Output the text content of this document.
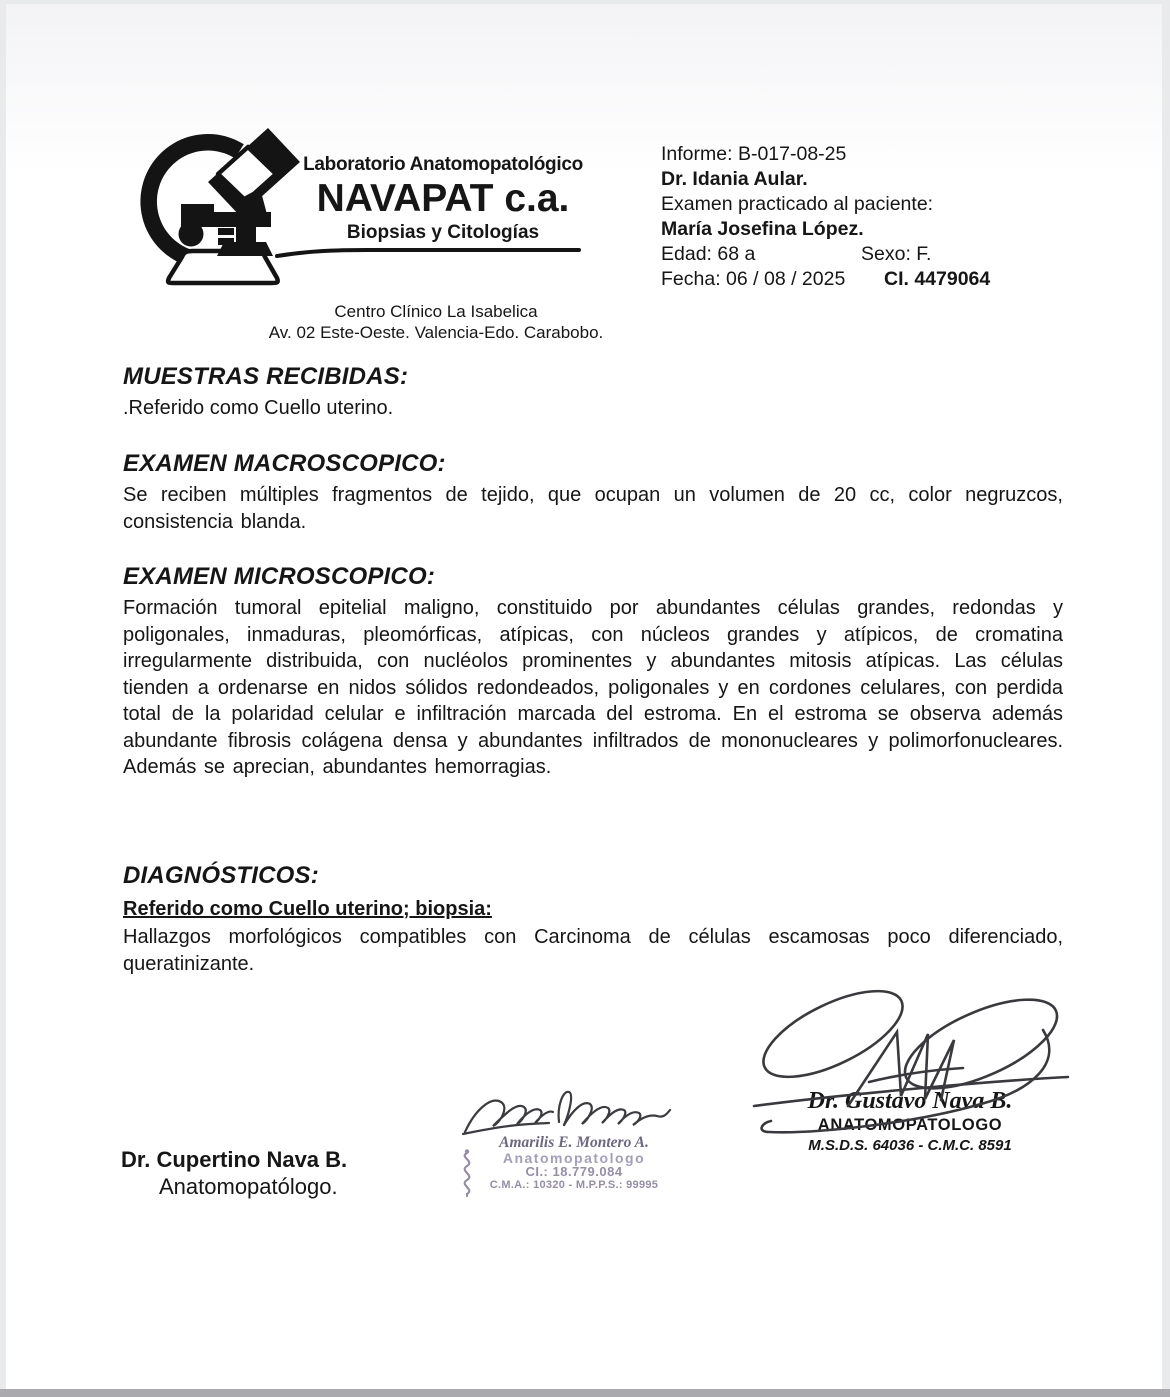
Laboratorio Anatomopatológico
NAVAPAT c.a.
Biopsias y Citologías
Informe: B-017-08-25
Dr. Idania Aular.
Examen practicado al paciente:
María Josefina López.
Edad: 68 a	Sexo: F.
Fecha: 06 / 08 / 2025 CI. 4479064
Centro Clínico La Isabelica
Av. 02 Este-Oeste. Valencia-Edo. Carabobo.
MUESTRAS RECIBIDAS:
.Referido como Cuello uterino.
EXAMEN MACROSCOPICO:
Se reciben múltiples fragmentos de tejido, que ocupan un volumen de 20 cc, color negruzcos, consistencia blanda.
EXAMEN MICROSCOPICO:
Formación tumoral epitelial maligno, constituido por abundantes células grandes, redondas y poligonales, inmaduras, pleomórficas, atípicas, con núcleos grandes y atípicos, de cromatina irregularmente distribuida, con nucléolos prominentes y abundantes mitosis atípicas. Las células tienden a ordenarse en nidos sólidos redondeados, poligonales y en cordones celulares, con perdida total de la polaridad celular e infiltración marcada del estroma. En el estroma se observa además abundante fibrosis colágena densa y abundantes infiltrados de mononucleares y polimorfonucleares. Además se aprecian, abundantes hemorragias.
DIAGNÓSTICOS:
Referido como Cuello uterino; biopsia:
Hallazgos morfológicos compatibles con Carcinoma de células escamosas poco diferenciado, queratinizante.
Dr. Gustavo Nava B.
ANATOMOPATOLOGO
M.S.D.S. 64036 - C.M.C. 8591
Amarilis E. Montero A.
Anatomopatologo
CI.: 18.779.084
C.M.A.: 10320 - M.P.P.S.: 99995
Dr. Cupertino Nava B.
Anatomopatólogo.
